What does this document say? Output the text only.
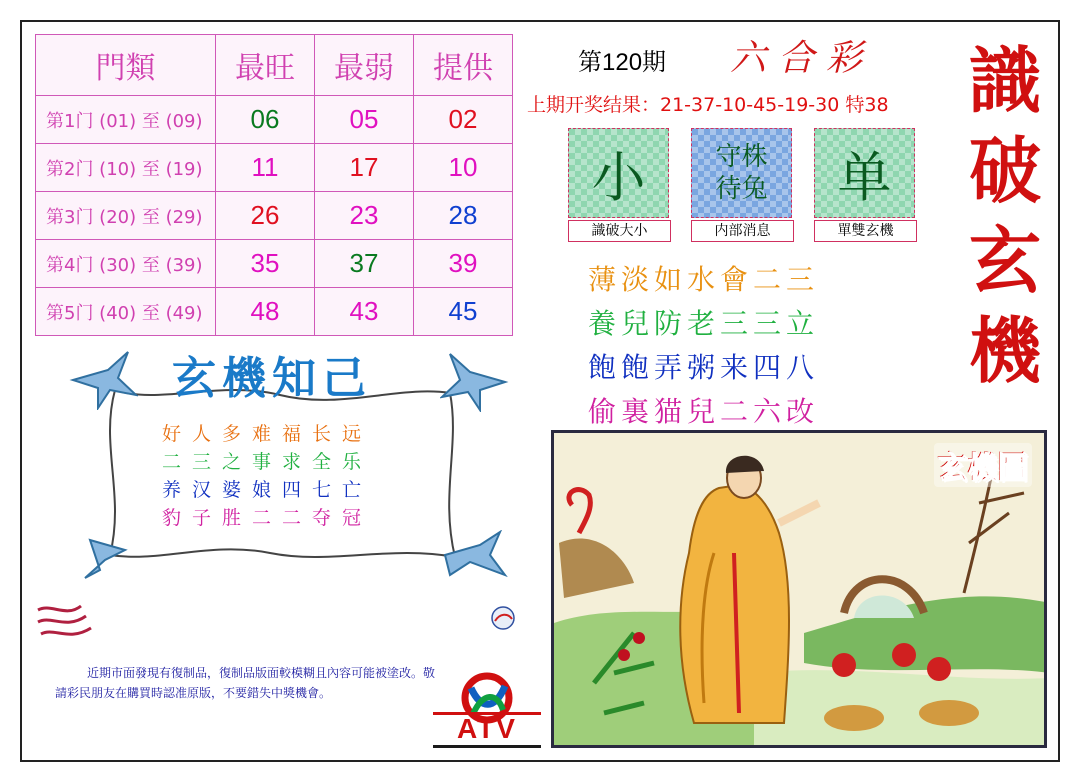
門類	最旺	最弱	提供
第1门 (01) 至 (09)	06	05	02
第2门 (10) 至 (19)	11	17	10
第3门 (20) 至 (29)	26	23	28
第4门 (30) 至 (39)	35	37	39
第5门 (40) 至 (49)	48	43	45
第120期 六合彩
上期开奖结果：21-37-10-45-19-30 特38 識
破
玄
機
小
識破大小
守株
待兔
内部消息
单
單雙玄機
薄淡如水會二三
養兒防老三三立
飽飽弄粥来四八
偷裏猫兒二六改
玄機知己
好人多难福长远
二三之事求全乐
养汉婆娘四七亡
豹子胜二二夺冠
近期市面發現有復制品，復制品版面較模糊且內容可能被塗改。敬請彩民朋友在購買時認准原版，不要錯失中獎機會。
ATV
玄機圖
